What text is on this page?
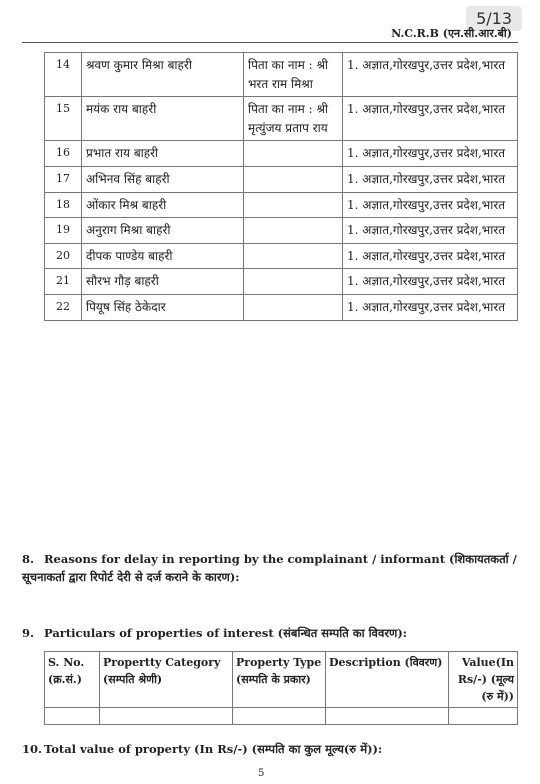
5/13
N.C.R.B (एन.सी.आर.बी)
14	श्रवण कुमार मिश्रा बाहरी	पिता का नाम : श्री भरत राम मिश्रा	1. अज्ञात,गोरखपुर,उत्तर प्रदेश,भारत
15	मयंक राय बाहरी	पिता का नाम : श्री मृत्युंजय प्रताप राय	1. अज्ञात,गोरखपुर,उत्तर प्रदेश,भारत
16	प्रभात राय बाहरी		1. अज्ञात,गोरखपुर,उत्तर प्रदेश,भारत
17	अभिनव सिंह बाहरी		1. अज्ञात,गोरखपुर,उत्तर प्रदेश,भारत
18	ओंकार मिश्र बाहरी		1. अज्ञात,गोरखपुर,उत्तर प्रदेश,भारत
19	अनुराग मिश्रा बाहरी		1. अज्ञात,गोरखपुर,उत्तर प्रदेश,भारत
20	दीपक पाण्डेय बाहरी		1. अज्ञात,गोरखपुर,उत्तर प्रदेश,भारत
21	सौरभ गौड़ बाहरी		1. अज्ञात,गोरखपुर,उत्तर प्रदेश,भारत
22	पियूष सिंह ठेकेदार		1. अज्ञात,गोरखपुर,उत्तर प्रदेश,भारत
8. Reasons for delay in reporting by the complainant / informant (शिकायतकर्ता / सूचनाकर्ता द्वारा रिपोर्ट देरी से दर्ज कराने के कारण):
9. Particulars of properties of interest (संबन्धित सम्पति का विवरण):
S. No. (क्र.सं.)	Propertty Category (सम्पति श्रेणी)	Property Type (सम्पति के प्रकार)	Description (विवरण)	Value(In Rs/-) (मूल्य (रु में))

10. Total value of property (In Rs/-) (सम्पति का कुल मूल्य(रु में)):
5
